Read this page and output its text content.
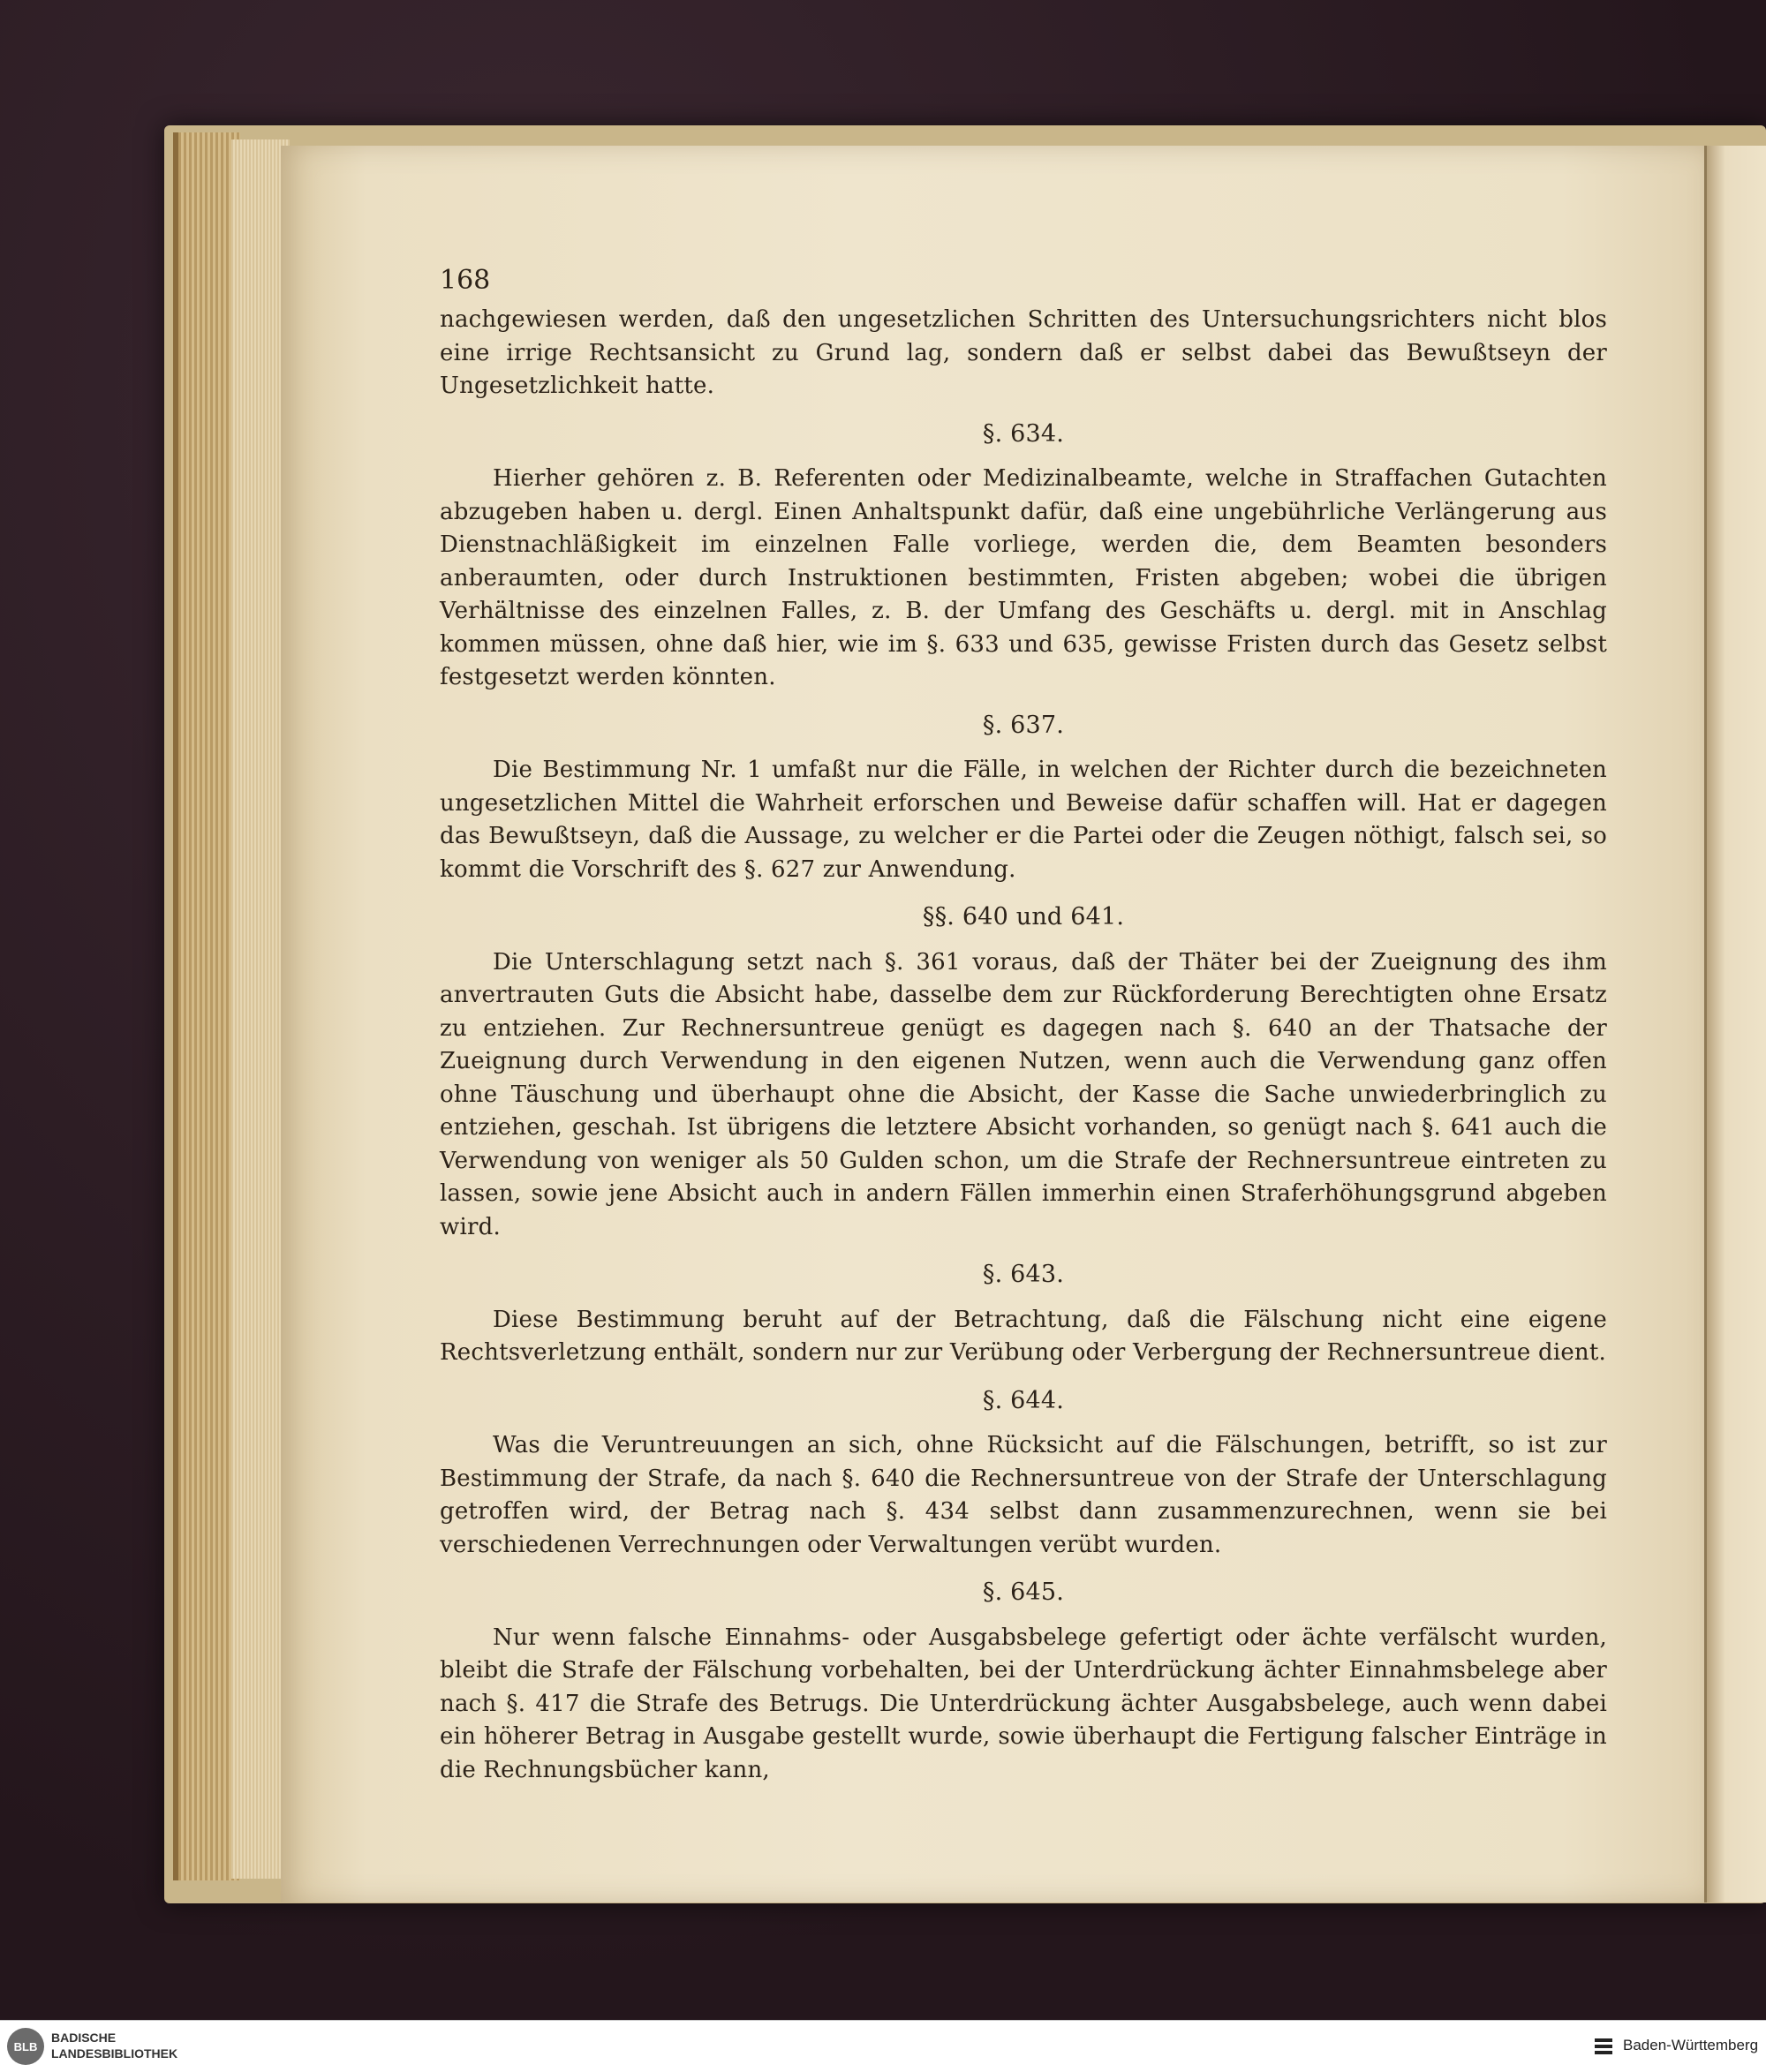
nachgewiesen werden, daß den ungesetzlichen Schritten des Untersuchungsrichters nicht blos eine irrige Rechtsansicht zu Grund lag, sondern daß er selbst dabei das Bewußtseyn der Ungesetzlichkeit hatte.

§. 634.

Hierher gehören z. B. Referenten oder Medizinalbeamte, welche in Straffachen Gutachten abzugeben haben u. dergl. Einen Anhaltspunkt dafür, daß eine ungebührliche Verlängerung aus Dienstnachläßigkeit im einzelnen Falle vorliege, werden die, dem Beamten besonders anberaumten, oder durch Instruktionen bestimmten, Fristen abgeben; wobei die übrigen Verhältnisse des einzelnen Falles, z. B. der Umfang des Geschäfts u. dergl. mit in Anschlag kommen müssen, ohne daß hier, wie im §. 633 und 635, gewisse Fristen durch das Gesetz selbst festgesetzt werden könnten.

§. 637.

Die Bestimmung Nr. 1 umfaßt nur die Fälle, in welchen der Richter durch die bezeichneten ungesetzlichen Mittel die Wahrheit erforschen und Beweise dafür schaffen will. Hat er dagegen das Bewußtseyn, daß die Aussage, zu welcher er die Partei oder die Zeugen nöthigt, falsch sei, so kommt die Vorschrift des §. 627 zur Anwendung.

§§. 640 und 641.

Die Unterschlagung setzt nach §. 361 voraus, daß der Thäter bei der Zueignung des ihm anvertrauten Guts die Absicht habe, dasselbe dem zur Rückforderung Berechtigten ohne Ersatz zu entziehen. Zur Rechnersuntreue genügt es dagegen nach §. 640 an der Thatsache der Zueignung durch Verwendung in den eigenen Nutzen, wenn auch die Verwendung ganz offen ohne Täuschung und überhaupt ohne die Absicht, der Kasse die Sache unwiederbringlich zu entziehen, geschah. Ist übrigens die letztere Absicht vorhanden, so genügt nach §. 641 auch die Verwendung von weniger als 50 Gulden schon, um die Strafe der Rechnersuntreue eintreten zu lassen, sowie jene Absicht auch in andern Fällen immerhin einen Straferhöhungsgrund abgeben wird.

§. 643.

Diese Bestimmung beruht auf der Betrachtung, daß die Fälschung nicht eine eigene Rechtsverletzung enthält, sondern nur zur Verübung oder Verbergung der Rechnersuntreue dient.

§. 644.

Was die Veruntreuungen an sich, ohne Rücksicht auf die Fälschungen, betrifft, so ist zur Bestimmung der Strafe, da nach §. 640 die Rechnersuntreue von der Strafe der Unterschlagung getroffen wird, der Betrag nach §. 434 selbst dann zusammenzurechnen, wenn sie bei verschiedenen Verrechnungen oder Verwaltungen verübt wurden.

§. 645.

Nur wenn falsche Einnahms- oder Ausgabsbelege gefertigt oder ächte verfälscht wurden, bleibt die Strafe der Fälschung vorbehalten, bei der Unterdrückung ächter Einnahmsbelege aber nach §. 417 die Strafe des Betrugs. Die Unterdrückung ächter Ausgabsbelege, auch wenn dabei ein höherer Betrag in Ausgabe gestellt wurde, sowie überhaupt die Fertigung falscher Einträge in die Rechnungsbücher kann,

168
BLB
BADISCHE
LANDESBIBLIOTHEK	Baden-Württemberg
